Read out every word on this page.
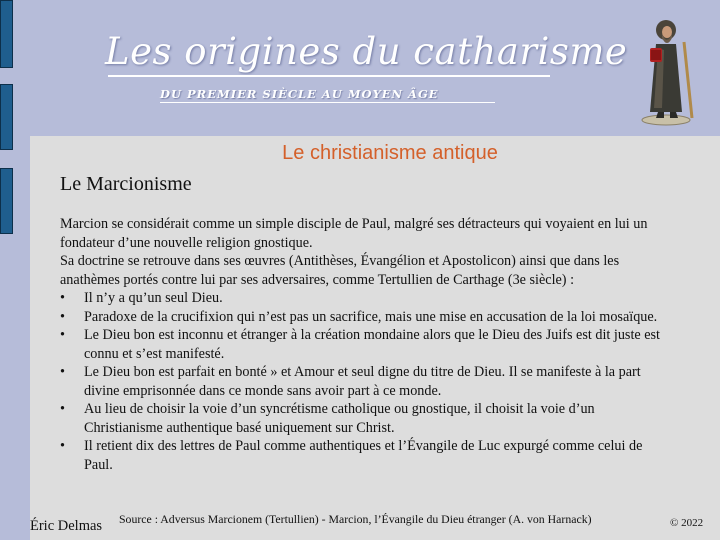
Les origines du catharisme
DU PREMIER SIÈCLE AU MOYEN ÂGE
Le christianisme antique
Le Marcionisme

Marcion se considérait comme un simple disciple de Paul, malgré ses détracteurs qui voyaient en lui un fondateur d’une nouvelle religion gnostique.

Sa doctrine se retrouve dans ses œuvres (Antithèses, Évangélion et Apostolicon) ainsi que dans les anathèmes portés contre lui par ses adversaires, comme Tertullien de Carthage (3e siècle) :

• Il n’y a qu’un seul Dieu.
• Paradoxe de la crucifixion qui n’est pas un sacrifice, mais une mise en accusation de la loi mosaïque.
• Le Dieu bon est inconnu et étranger à la création mondaine alors que le Dieu des Juifs est dit juste est connu et s’est manifesté.
• Le Dieu bon est parfait en bonté » et Amour et seul digne du titre de Dieu. Il se manifeste à la part divine emprisonnée dans ce monde sans avoir part à ce monde.
• Au lieu de choisir la voie d’un syncrétisme catholique ou gnostique, il choisit la voie d’un Christianisme authentique basé uniquement sur Christ.
• Il retient dix des lettres de Paul comme authentiques et l’Évangile de Luc expurgé comme celui de Paul.
Éric Delmas Source : Adversus Marcionem (Tertullien) - Marcion, l’Évangile du Dieu étranger (A. von Harnack)	© 2022
